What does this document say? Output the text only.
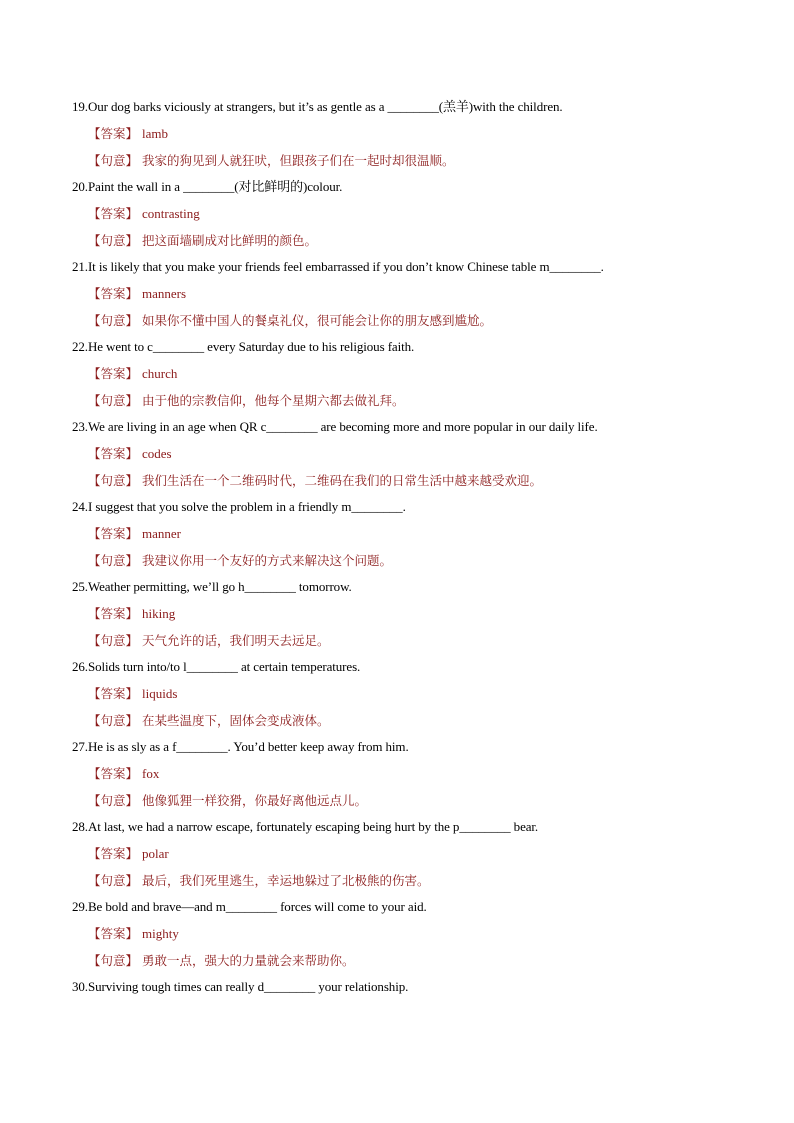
19.Our dog barks viciously at strangers, but it’s as gentle as a ________(羔羊)with the children.
【答案】 lamb
【句意】 我家的狗见到人就狂吠，但跟孩子们在一起时却很温顺。
20.Paint the wall in a ________(对比鲜明的)colour.
【答案】 contrasting
【句意】 把这面墙刷成对比鲜明的颜色。
21.It is likely that you make your friends feel embarrassed if you don’t know Chinese table m________.
【答案】 manners
【句意】 如果你不懂中国人的餐桌礼仪，很可能会让你的朋友感到尴尬。
22.He went to c________ every Saturday due to his religious faith.
【答案】 church
【句意】 由于他的宗教信仰，他每个星期六都去做礼拜。
23.We are living in an age when QR c________ are becoming more and more popular in our daily life.
【答案】 codes
【句意】 我们生活在一个二维码时代，二维码在我们的日常生活中越来越受欢迎。
24.I suggest that you solve the problem in a friendly m________.
【答案】 manner
【句意】 我建议你用一个友好的方式来解决这个问题。
25.Weather permitting, we’ll go h________ tomorrow.
【答案】 hiking
【句意】 天气允许的话，我们明天去远足。
26.Solids turn into/to l________ at certain temperatures.
【答案】 liquids
【句意】 在某些温度下，固体会变成液体。
27.He is as sly as a f________. You’d better keep away from him.
【答案】 fox
【句意】 他像狐狸一样狡猾，你最好离他远点儿。
28.At last, we had a narrow escape, fortunately escaping being hurt by the p________ bear.
【答案】 polar
【句意】 最后，我们死里逃生，幸运地躲过了北极熊的伤害。
29.Be bold and brave—and m________ forces will come to your aid.
【答案】 mighty
【句意】 勇敢一点，强大的力量就会来帮助你。
30.Surviving tough times can really d________ your relationship.
